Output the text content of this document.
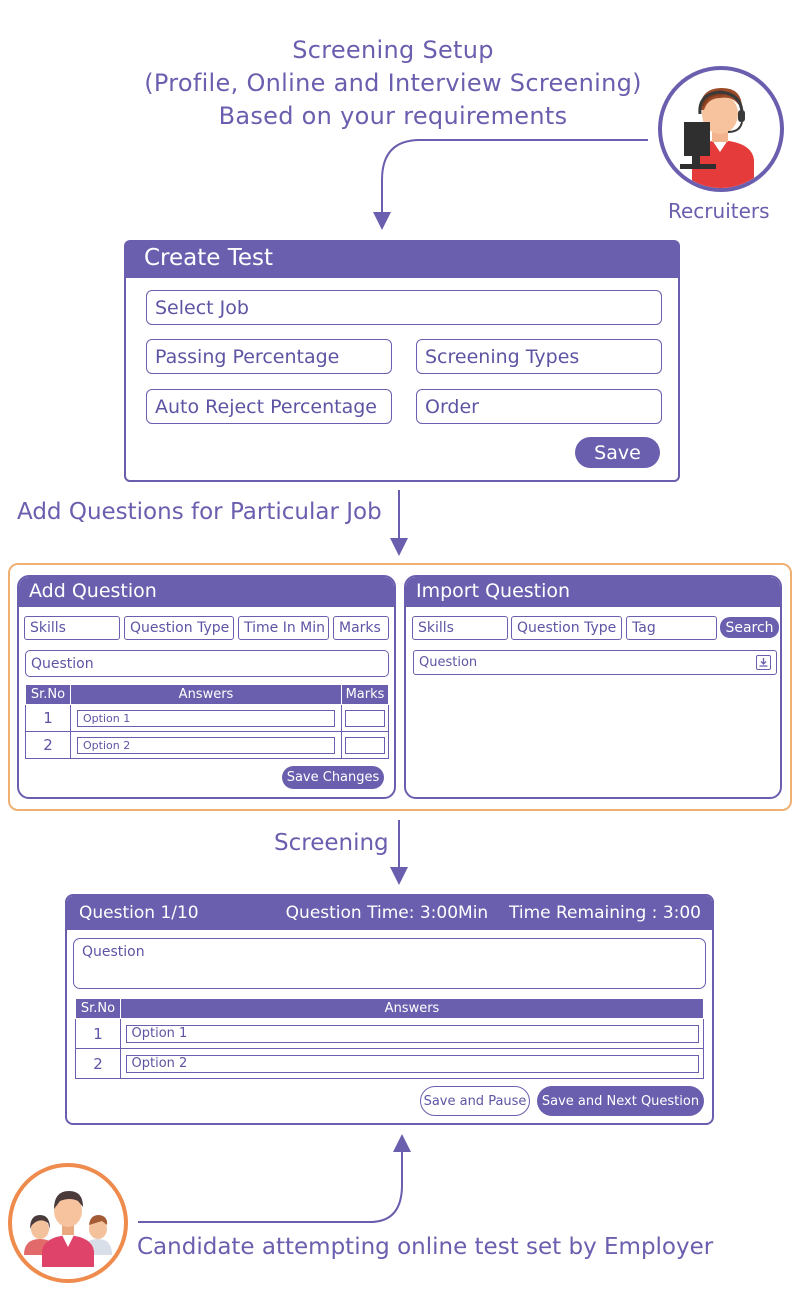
Screening Setup
(Profile, Online and Interview Screening)
Based on your requirements
Recruiters
Create Test
Select Job
Passing Percentage	Screening Types
Auto Reject Percentage	Order
Save
Add Questions for Particular Job
Add Question
Skills	Question Type	Time In Min Marks
Question
Sr.No	Answers	Marks
1	Option 1	

2	Option 2	

Save Changes
Import Question
Skills	Question Type	Tag	Search
Question
Screening
Question 1/10	Question Time: 3:00Min Time Remaining : 3:00
Question
Sr.No	Answers
1	Option 1

2	Option 2
Save and Pause	Save and Next Question
Candidate attempting online test set by Employer
